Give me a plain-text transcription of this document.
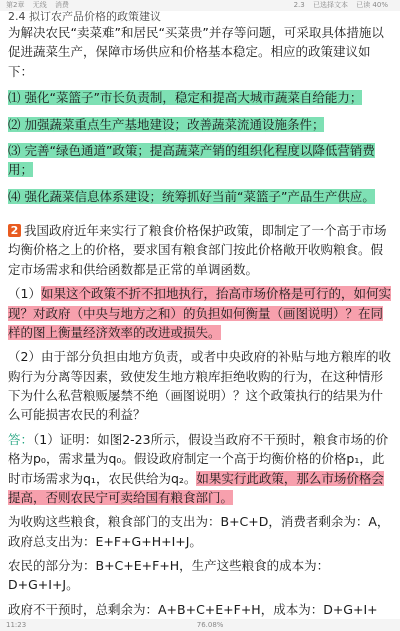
第2章 无线 消费	2.3 已选择文本 已读 40%
2.4 拟订农产品价格的政策建议

为解决农民“卖菜难”和居民“买菜贵”并存等问题，可采取具体措施以促进蔬菜生产，保障市场供应和价格基本稳定。相应的政策建议如下：

⑴ 强化“菜篮子”市长负责制，稳定和提高大城市蔬菜自给能力；
⑵ 加强蔬菜重点生产基地建设；改善蔬菜流通设施条件；
⑶ 完善“绿色通道”政策；提高蔬菜产销的组织化程度以降低营销费用；
⑷ 强化蔬菜信息体系建设；统筹抓好当前“菜篮子”产品生产供应。

2 我国政府近年来实行了粮食价格保护政策，即制定了一个高于市场均衡价格之上的价格，要求国有粮食部门按此价格敞开收购粮食。假定市场需求和供给函数都是正常的单调函数。

（1）如果这个政策不折不扣地执行，抬高市场价格是可行的，如何实现？对政府（中央与地方之和）的负担如何衡量（画图说明）？在同样的图上衡量经济效率的改进或损失。

（2）由于部分负担由地方负责，或者中央政府的补贴与地方粮库的收购行为分离等因素，致使发生地方粮库拒绝收购的行为，在这种情形下为什么私营粮贩屡禁不绝（画图说明）？这个政策执行的结果为什么可能损害农民的利益？

答：（1）证明：如图2-23所示，假设当政府不干预时，粮食市场的价格为p₀，需求量为q₀。假设政府制定一个高于均衡价格的价格p₁，此时市场需求为q₁，农民供给为q₂。如果实行此政策，那么市场价格会提高，否则农民宁可卖给国有粮食部门。

为收购这些粮食，粮食部门的支出为：B+C+D，消费者剩余为：A，政府总支出为：E+F+G+H+I+J。

农民的部分为：B+C+E+F+H，生产这些粮食的成本为：D+G+I+J。

政府不干预时，总剩余为：A+B+C+E+F+H，成本为：D+G+I+

11:23	76.08%
